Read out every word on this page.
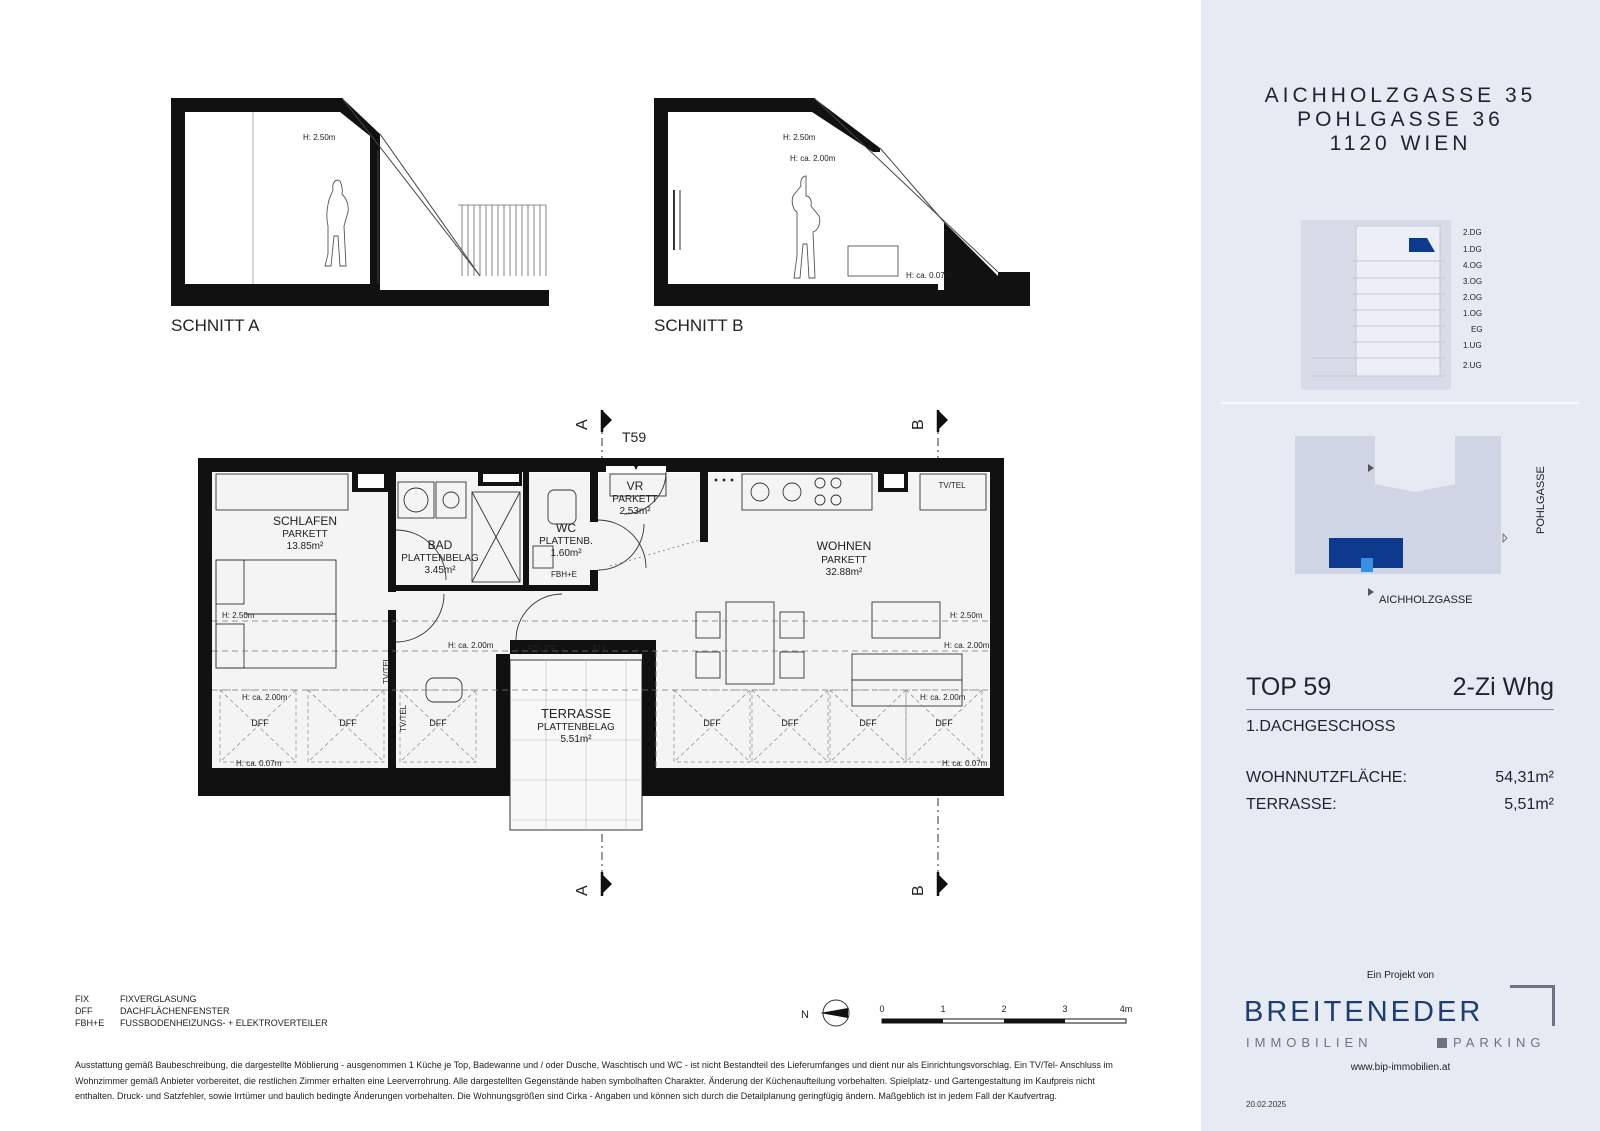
H: 2.50m	H: 2.50m
H: ca. 2.00m
H: ca. 0.07m
SCHNITT A	SCHNITT B
A	B
A	B
T59
SCHLAFEN
PARKETT
13.85m²	BAD
PLATTENBELAG
3.45m²
WC
PLATTENB.
1.60m²
VR
PARKETT
2.53m²
WOHNEN
PARKETT
32.88m²
TERRASSE
PLATTENBELAG
5.51m²
FBH+E
STUFE	FIX
TV/TEL
DFF	DFF	DFF	DFF	DFF	DFF	DFF
TV/TEL
TV/TEL
H: 2.50m	H: 2.50m
H: ca. 2.00m	H: ca. 2.00m
H: ca. 2.00m	H: ca. 2.00m
H: ca. 0.07m	H: ca. 0.07m
N	0	1	2	3	4m
FIX	FIXVERGLASUNG
DFF	DACHFLÄCHENFENSTER
FBH+E FUSSBODENHEIZUNGS- + ELEKTROVERTEILER
Ausstattung gemäß Baubeschreibung, die dargestellte Möblierung - ausgenommen 1 Küche je Top, Badewanne und / oder Dusche, Waschtisch und WC - ist nicht Bestandteil des Lieferumfanges und dient nur als Einrichtungsvorschlag. Ein TV/Tel- Anschluss im Wohnzimmer gemäß Anbieter vorbereitet, die restlichen Zimmer erhalten eine Leerverrohrung. Alle dargestellten Gegenstände haben symbolhaften Charakter. Änderung der Küchenaufteilung vorbehalten. Spielplatz- und Gartengestaltung im Kaufpreis nicht enthalten. Druck- und Satzfehler, sowie Irrtümer und baulich bedingte Änderungen vorbehalten. Die Wohnungsgrößen sind Cirka - Angaben und können sich durch die Detailplanung geringfügig ändern. Maßgeblich ist in jedem Fall der Kaufvertrag.
AICHHOLZGASSE 35
POHLGASSE 36
1120 WIEN
2.DG
1.DG
4.OG
3.OG
2.OG
1.OG
EG
1.UG
2.UG
AICHHOLZGASSE
POHLGASSE
TOP 59	2-Zi Whg
1.DACHGESCHOSS
WOHNNUTZFLÄCHE:	54,31m²
TERRASSE:	5,51m²
Ein Projekt von
BREITENEDER
IMMOBILIEN	PARKING
www.bip-immobilien.at
20.02.2025
